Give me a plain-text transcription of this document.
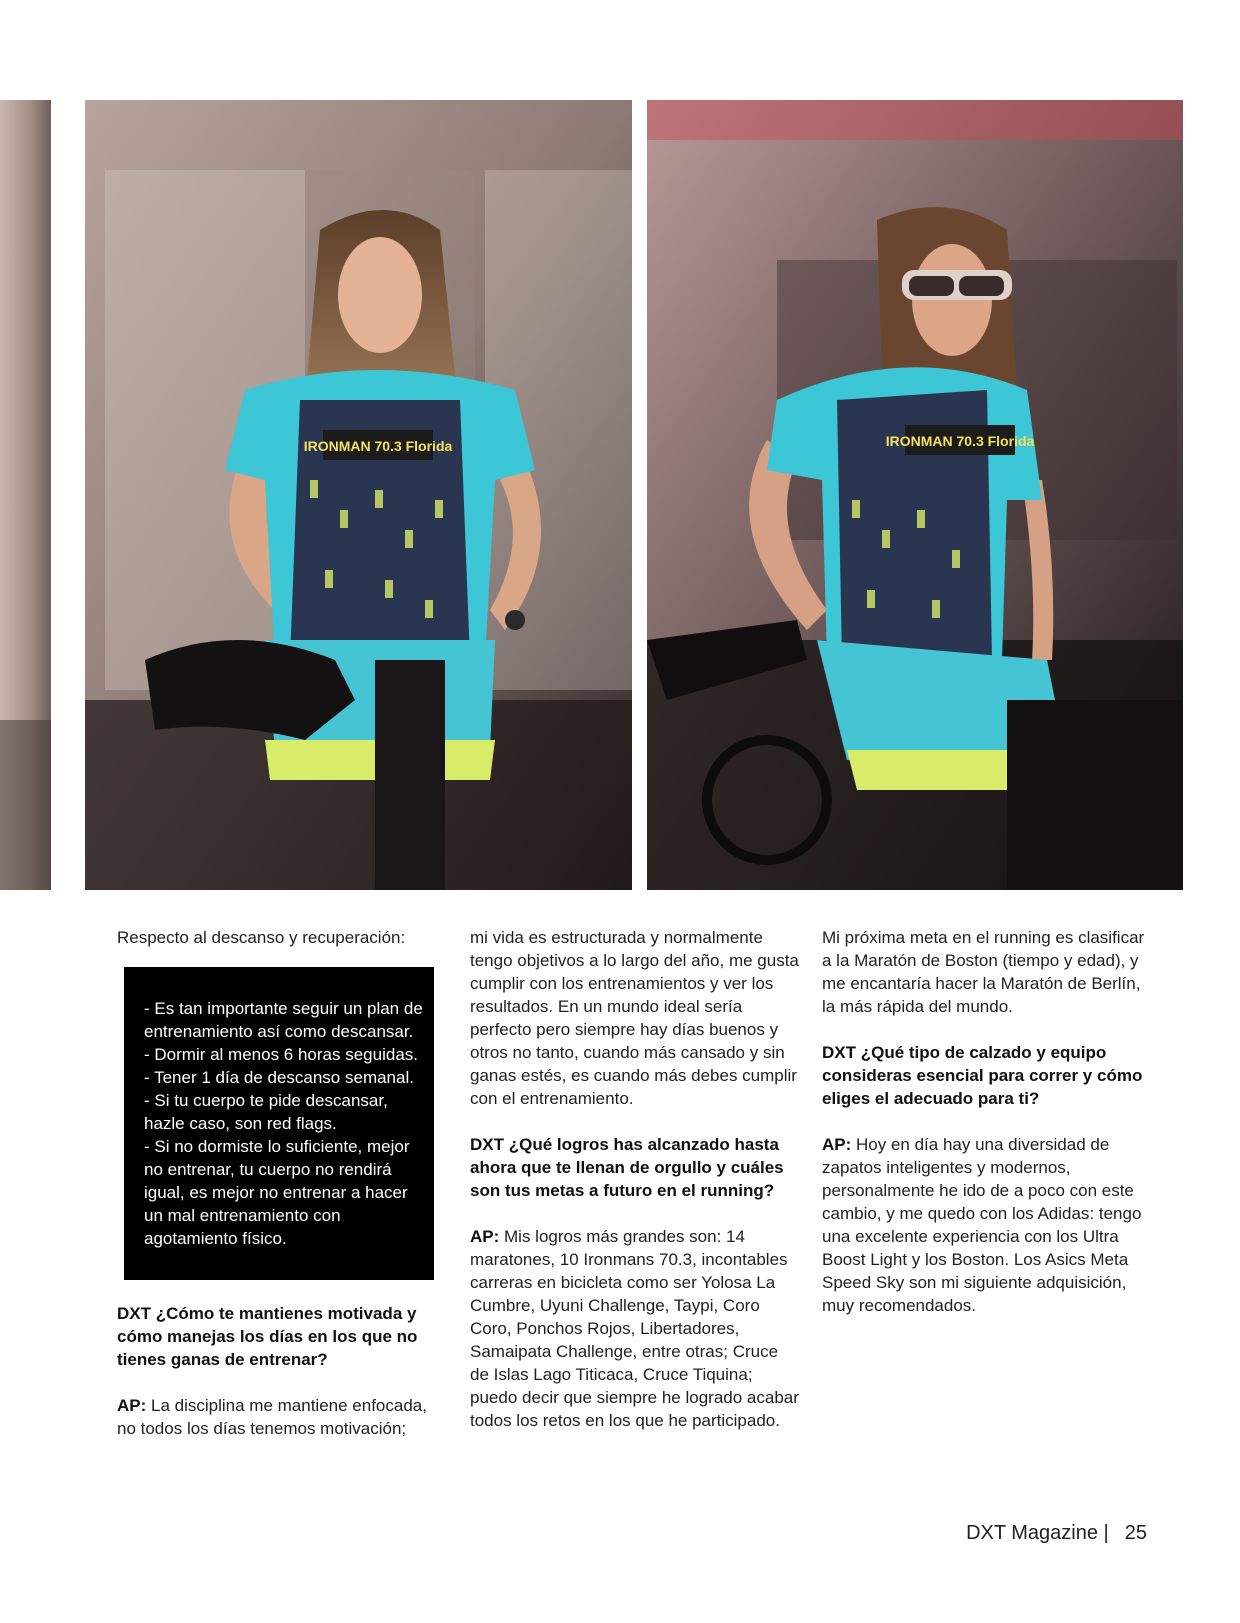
IRONMAN 70.3 Florida	IRONMAN 70.3 Florida

Respecto al descanso y recuperación:

- Es tan importante seguir un plan de entrenamiento así como descansar.
- Dormir al menos 6 horas seguidas.
- Tener 1 día de descanso semanal.
- Si tu cuerpo te pide descansar, hazle caso, son red flags.
- Si no dormiste lo suficiente, mejor no entrenar, tu cuerpo no rendirá igual, es mejor no entrenar a hacer un mal entrenamiento con agotamiento físico.

DXT ¿Cómo te mantienes motivada y cómo manejas los días en los que no tienes ganas de entrenar?

AP: La disciplina me mantiene enfocada, no todos los días tenemos motivación;

mi vida es estructurada y normalmente tengo objetivos a lo largo del año, me gusta cumplir con los entrenamientos y ver los resultados. En un mundo ideal sería perfecto pero siempre hay días buenos y otros no tanto, cuando más cansado y sin ganas estés, es cuando más debes cumplir con el entrenamiento.

DXT ¿Qué logros has alcanzado hasta ahora que te llenan de orgullo y cuáles son tus metas a futuro en el running?

AP: Mis logros más grandes son: 14 maratones, 10 Ironmans 70.3, incontables carreras en bicicleta como ser Yolosa La Cumbre, Uyuni Challenge, Taypi, Coro Coro, Ponchos Rojos, Libertadores, Samaipata Challenge, entre otras; Cruce de Islas Lago Titicaca, Cruce Tiquina; puedo decir que siempre he logrado acabar todos los retos en los que he participado.

Mi próxima meta en el running es clasificar a la Maratón de Boston (tiempo y edad), y me encantaría hacer la Maratón de Berlín, la más rápida del mundo.

DXT ¿Qué tipo de calzado y equipo consideras esencial para correr y cómo eliges el adecuado para ti?

AP: Hoy en día hay una diversidad de zapatos inteligentes y modernos, personalmente he ido de a poco con este cambio, y me quedo con los Adidas: tengo una excelente experiencia con los Ultra Boost Light y los Boston. Los Asics Meta Speed Sky son mi siguiente adquisición, muy recomendados.

DXT Magazine | 25
